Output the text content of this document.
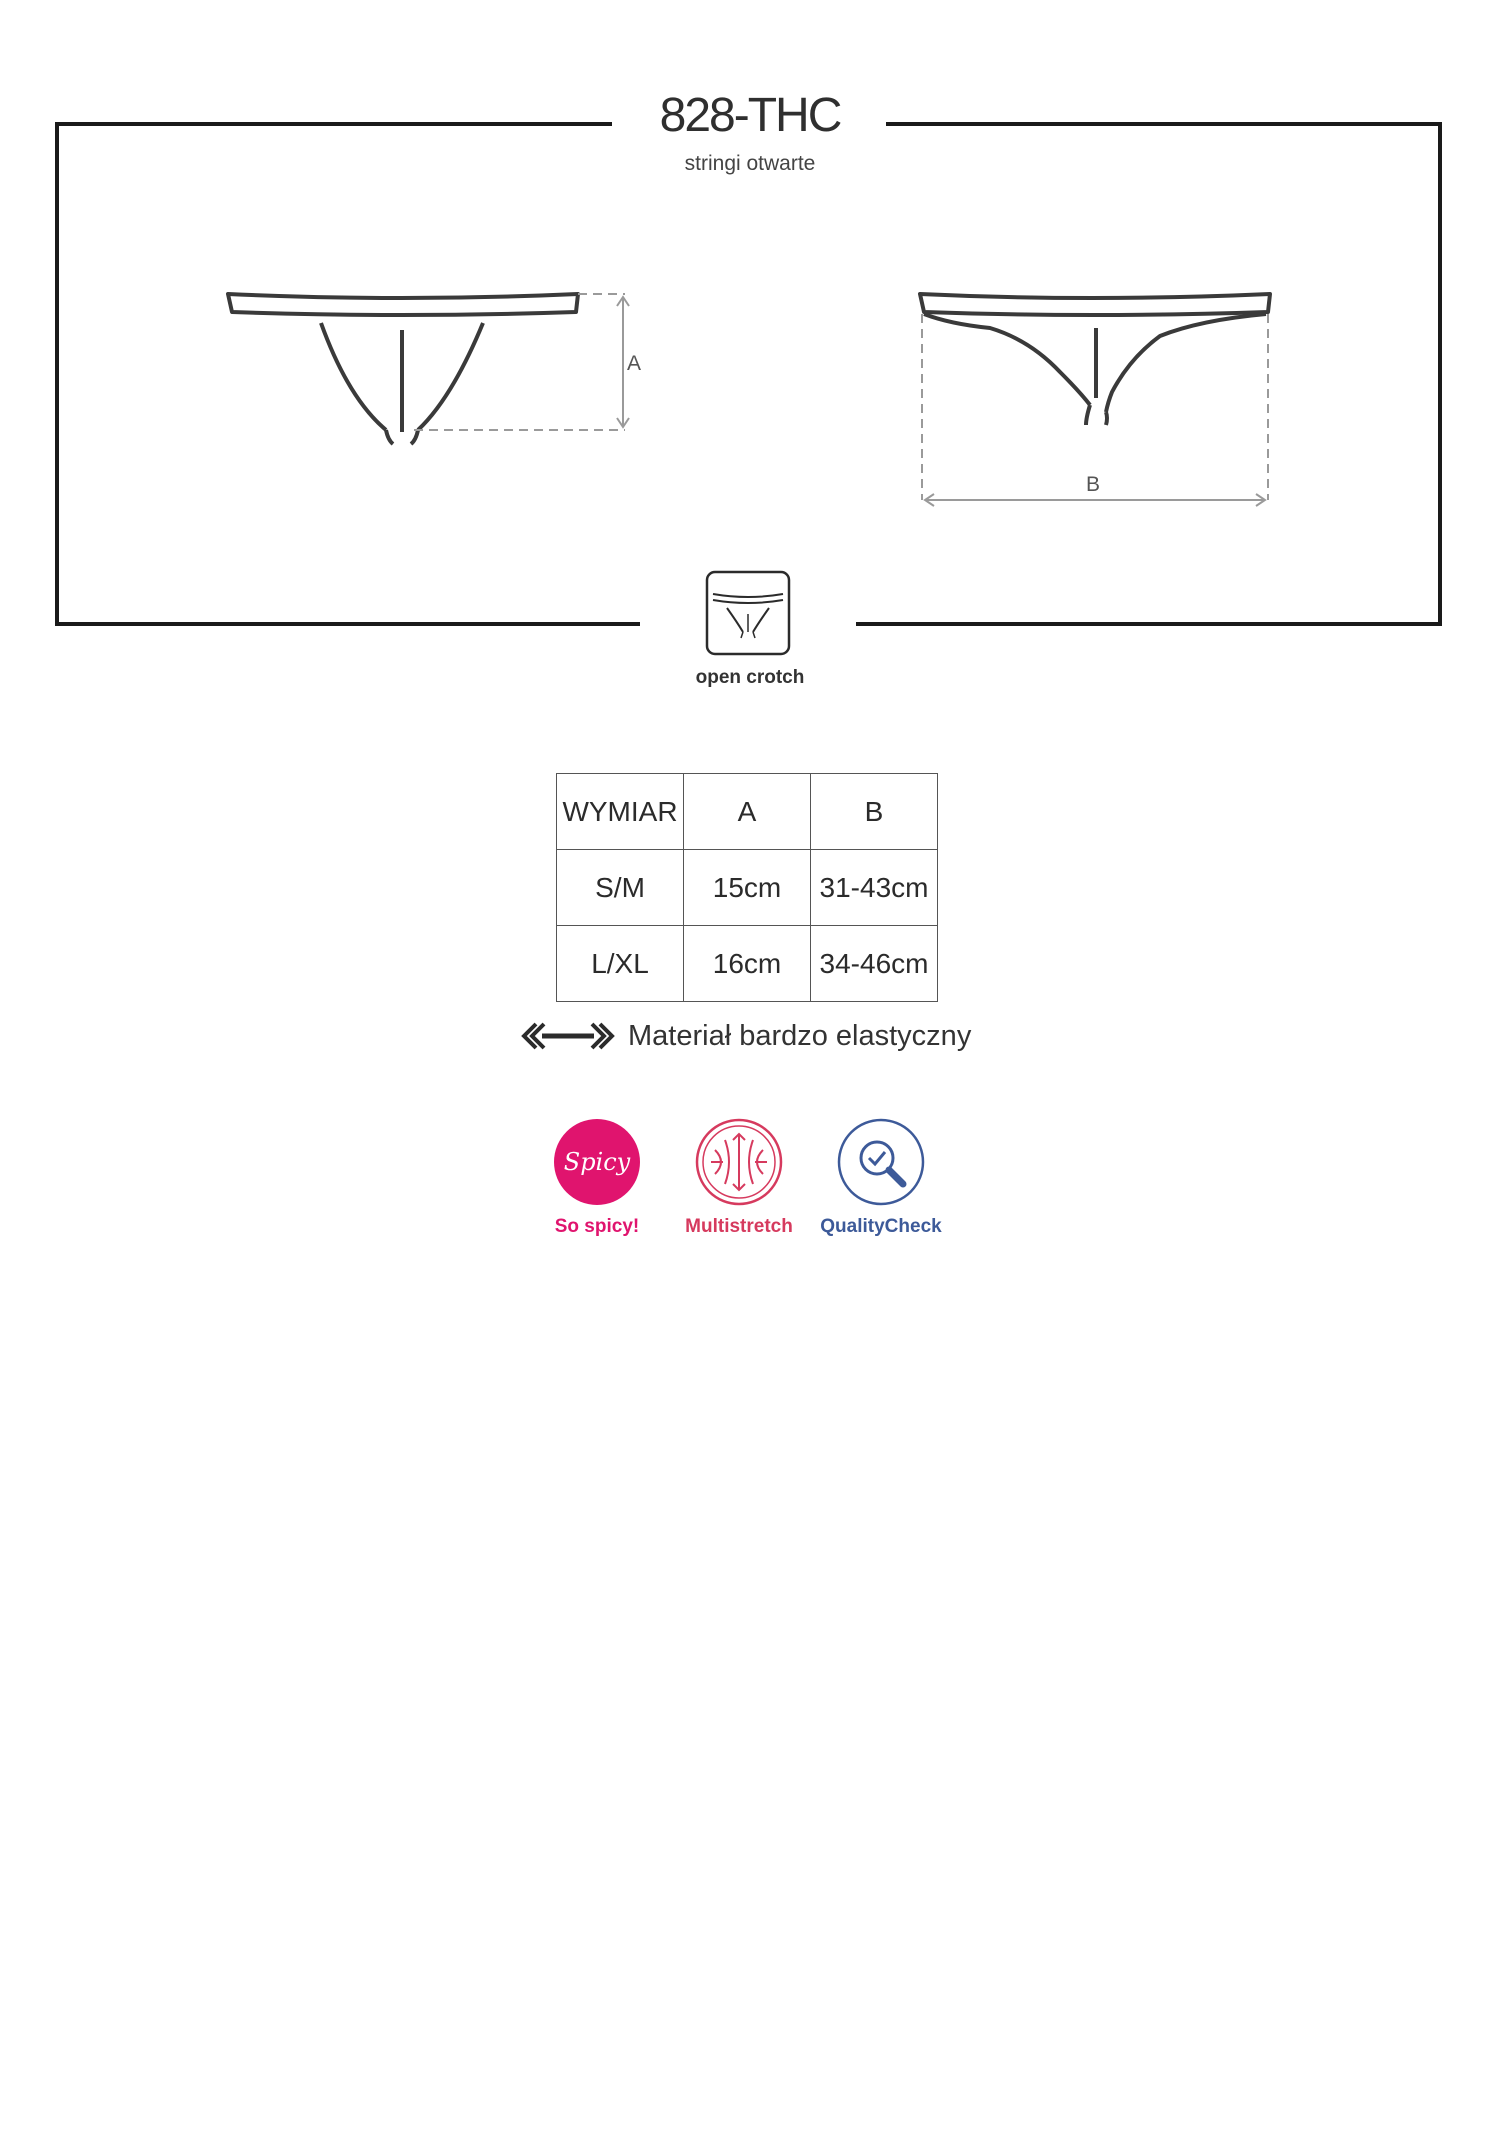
828-THC
stringi otwarte
A
B
open crotch
WYMIAR	A	B
S/M	15cm	31-43cm
L/XL	16cm	34-46cm
Materiał bardzo elastyczny
Spicy
So spicy!	Multistretch	QualityCheck
